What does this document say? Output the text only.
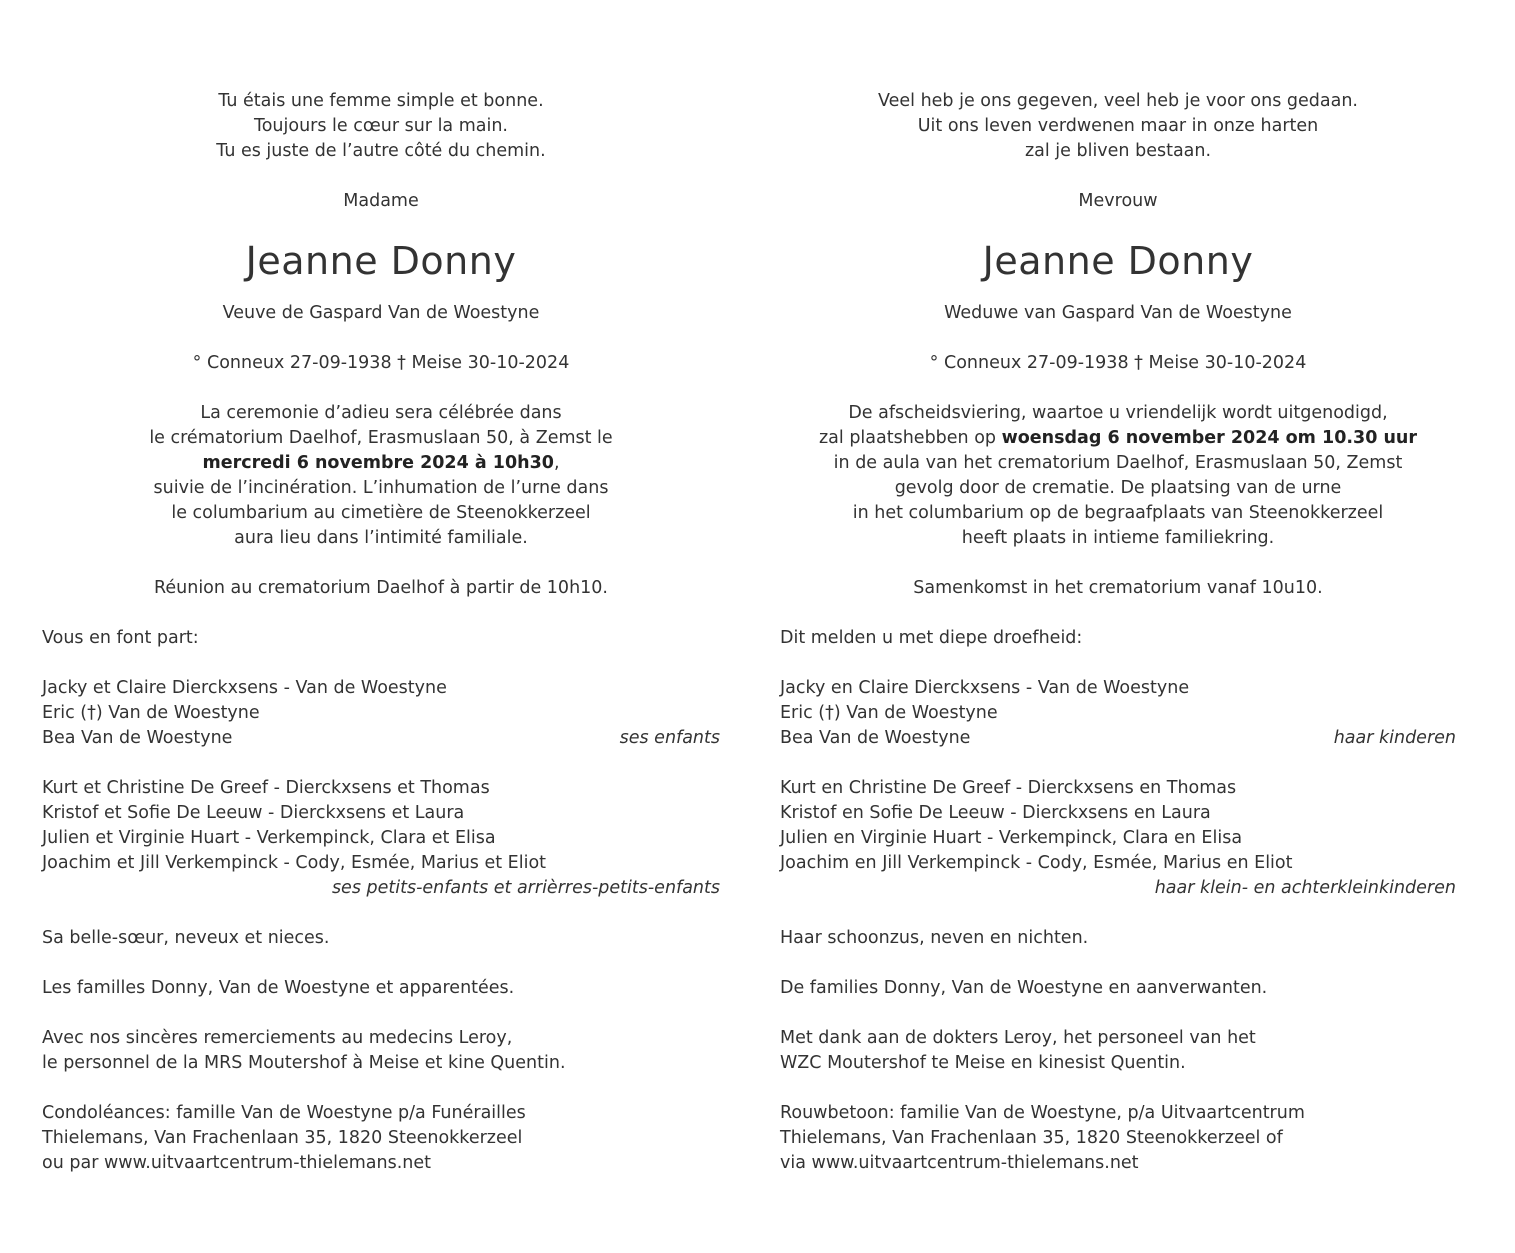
Tu étais une femme simple et bonne.
Toujours le cœur sur la main.
Tu es juste de l’autre côté du chemin.
Madame
Jeanne Donny
Veuve de Gaspard Van de Woestyne
° Conneux 27-09-1938 † Meise 30-10-2024
La ceremonie d’adieu sera célébrée dans
le crématorium Daelhof, Erasmuslaan 50, à Zemst le
mercredi 6 novembre 2024 à 10h30,
suivie de l’incinération. L’inhumation de l’urne dans
le columbarium au cimetière de Steenokkerzeel
aura lieu dans l’intimité familiale.
Réunion au crematorium Daelhof à partir de 10h10.
Vous en font part:
Jacky et Claire Dierckxsens - Van de Woestyne
Eric (†) Van de Woestyne
Bea Van de Woestyne	ses enfants
Kurt et Christine De Greef - Dierckxsens et Thomas
Kristof et Sofie De Leeuw - Dierckxsens et Laura
Julien et Virginie Huart - Verkempinck, Clara et Elisa
Joachim et Jill Verkempinck - Cody, Esmée, Marius et Eliot
ses petits-enfants et arrièrres-petits-enfants
Sa belle-sœur, neveux et nieces.
Les familles Donny, Van de Woestyne et apparentées.
Avec nos sincères remerciements au medecins Leroy,
le personnel de la MRS Moutershof à Meise et kine Quentin.
Condoléances: famille Van de Woestyne p/a Funérailles
Thielemans, Van Frachenlaan 35, 1820 Steenokkerzeel
ou par www.uitvaartcentrum-thielemans.net
Veel heb je ons gegeven, veel heb je voor ons gedaan.
Uit ons leven verdwenen maar in onze harten
zal je bliven bestaan.
Mevrouw
Jeanne Donny
Weduwe van Gaspard Van de Woestyne
° Conneux 27-09-1938 † Meise 30-10-2024
De afscheidsviering, waartoe u vriendelijk wordt uitgenodigd,
zal plaatshebben op woensdag 6 november 2024 om 10.30 uur
in de aula van het crematorium Daelhof, Erasmuslaan 50, Zemst
gevolg door de crematie. De plaatsing van de urne
in het columbarium op de begraafplaats van Steenokkerzeel
heeft plaats in intieme familiekring.
Samenkomst in het crematorium vanaf 10u10.
Dit melden u met diepe droefheid:
Jacky en Claire Dierckxsens - Van de Woestyne
Eric (†) Van de Woestyne
Bea Van de Woestyne	haar kinderen
Kurt en Christine De Greef - Dierckxsens en Thomas
Kristof en Sofie De Leeuw - Dierckxsens en Laura
Julien en Virginie Huart - Verkempinck, Clara en Elisa
Joachim en Jill Verkempinck - Cody, Esmée, Marius en Eliot
haar klein- en achterkleinkinderen
Haar schoonzus, neven en nichten.
De families Donny, Van de Woestyne en aanverwanten.
Met dank aan de dokters Leroy, het personeel van het
WZC Moutershof te Meise en kinesist Quentin.
Rouwbetoon: familie Van de Woestyne, p/a Uitvaartcentrum
Thielemans, Van Frachenlaan 35, 1820 Steenokkerzeel of
via www.uitvaartcentrum-thielemans.net
